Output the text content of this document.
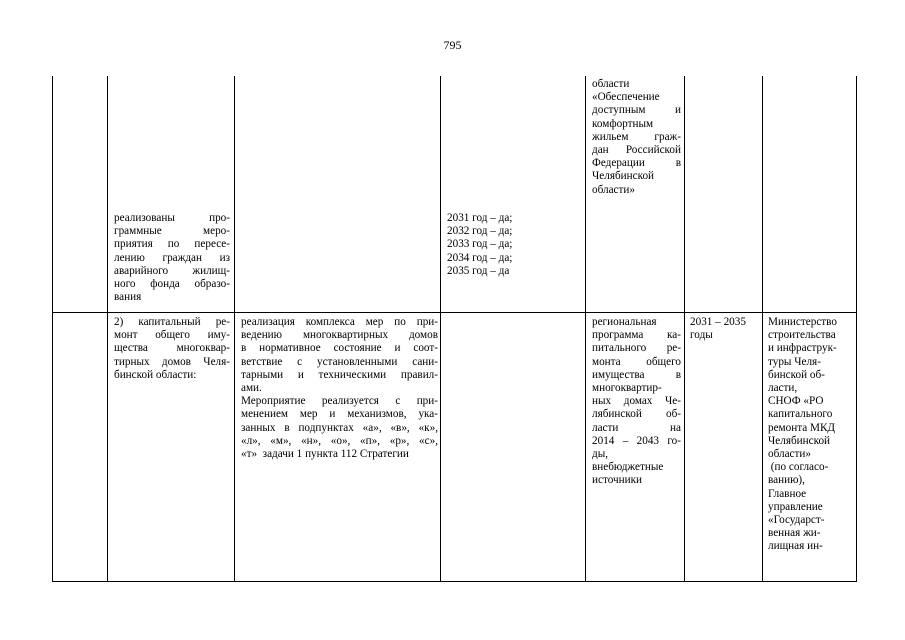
795
реализованы      про-
граммные        меро-
приятия по пересе-
лению граждан из
аварийного жилищ-
ного фонда образо-
вания
2031 год – да;
2032 год – да;
2033 год – да;
2034 год – да;
2035 год – да
области
«Обеспечение
доступным      и
комфортным
жильем      граж-
дан Российской
Федерации       в
Челябинской
области»
2) капитальный ре-
монт общего иму-
щества   многоквар-
тирных домов Челя-
бинской области:
реализация комплекса мер по при-
ведению многоквартирных домов
в нормативное состояние и соот-
ветствие с установленными сани-
тарными и техническими правил-
ами.
Мероприятие реализуется с при-
менением мер и механизмов, ука-
занных в подпунктах «а», «в», «к»,
«л»,  «м»,  «н»,  «о»,  «п»,  «р»,  «с»,
«т»  задачи 1 пункта 112 Стратегии
региональная
программа    ка-
питального   ре-
монта    общего
имущества      в
многоквартир-
ных домах Че-
лябинской   об-
ласти            на
2014 – 2043 го-
ды,
внебюджетные
источники
2031 – 2035
годы
Министерство
строительства
и инфраструк-
туры Челя-
бинской об-
ласти,
СНОФ «РО
капитального
ремонта МКД
Челябинской
области»
(по согласо-
ванию),
Главное
управление
«Государст-
венная жи-
лищная ин-
